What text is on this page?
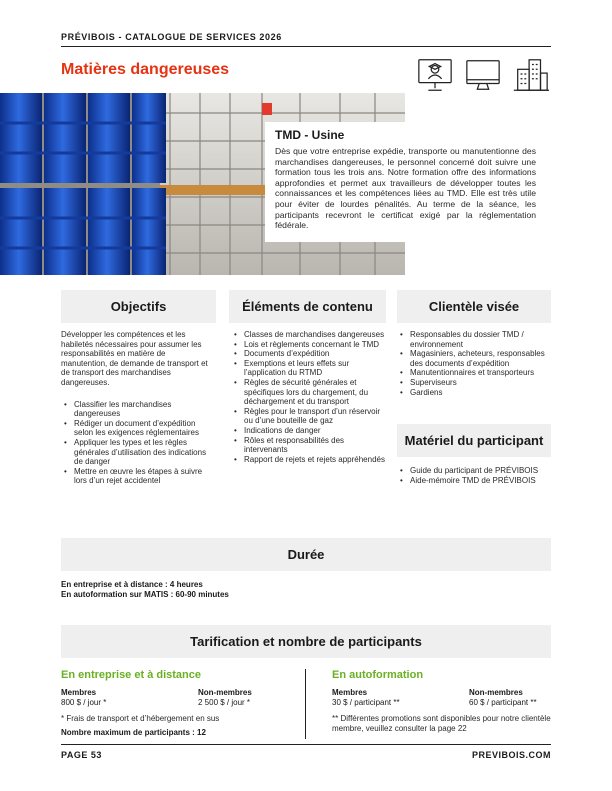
PRÉVIBOIS - CATALOGUE DE SERVICES 2026
Matières dangereuses
TMD - Usine
Dès que votre entreprise expédie, transporte ou manutentionne des marchandises dangereuses, le personnel concerné doit suivre une formation tous les trois ans. Notre formation offre des informations approfondies et permet aux travailleurs de développer toutes les connaissances et les compétences liées au TMD. Elle est très utile pour éviter de lourdes pénalités. Au terme de la séance, les participants recevront le certificat exigé par la réglementation fédérale.
Objectifs	Éléments de contenu	Clientèle visée

Développer les compétences et les habiletés nécessaires pour assumer les responsabilités en matière de manutention, de demande de transport et de transport des marchandises dangereuses.

• Classifier les marchandises dangereuses
• Rédiger un document d’expédition selon les exigences réglementaires
• Appliquer les types et les règles générales d’utilisation des indications de danger
• Mettre en œuvre les étapes à suivre lors d’un rejet accidentel
• Classes de marchandises dangereuses
• Lois et règlements concernant le TMD
• Documents d’expédition
• Exemptions et leurs effets sur l’application du RTMD
• Règles de sécurité générales et spécifiques lors du chargement, du déchargement et du transport
• Règles pour le transport d’un réservoir ou d’une bouteille de gaz
• Indications de danger
• Rôles et responsabilités des intervenants
• Rapport de rejets et rejets appréhendés
• Responsables du dossier TMD / environnement
• Magasiniers, acheteurs, responsables des documents d’expédition
• Manutentionnaires et transporteurs
• Superviseurs
• Gardiens
Matériel du participant
• Guide du participant de PRÉVIBOIS
• Aide-mémoire TMD de PRÉVIBOIS
Durée
En entreprise et à distance : 4 heures
En autoformation sur MATIS : 60-90 minutes
Tarification et nombre de participants
En entreprise et à distance	En autoformation
Membres
800 $ / jour *
Non-membres
2 500 $ / jour *
* Frais de transport et d’hébergement en sus
Nombre maximum de participants : 12
Membres
30 $ / participant **
Non-membres
60 $ / participant **
** Différentes promotions sont disponibles pour notre clientèle membre, veuillez consulter la page 22
PAGE 53	PREVIBOIS.COM
